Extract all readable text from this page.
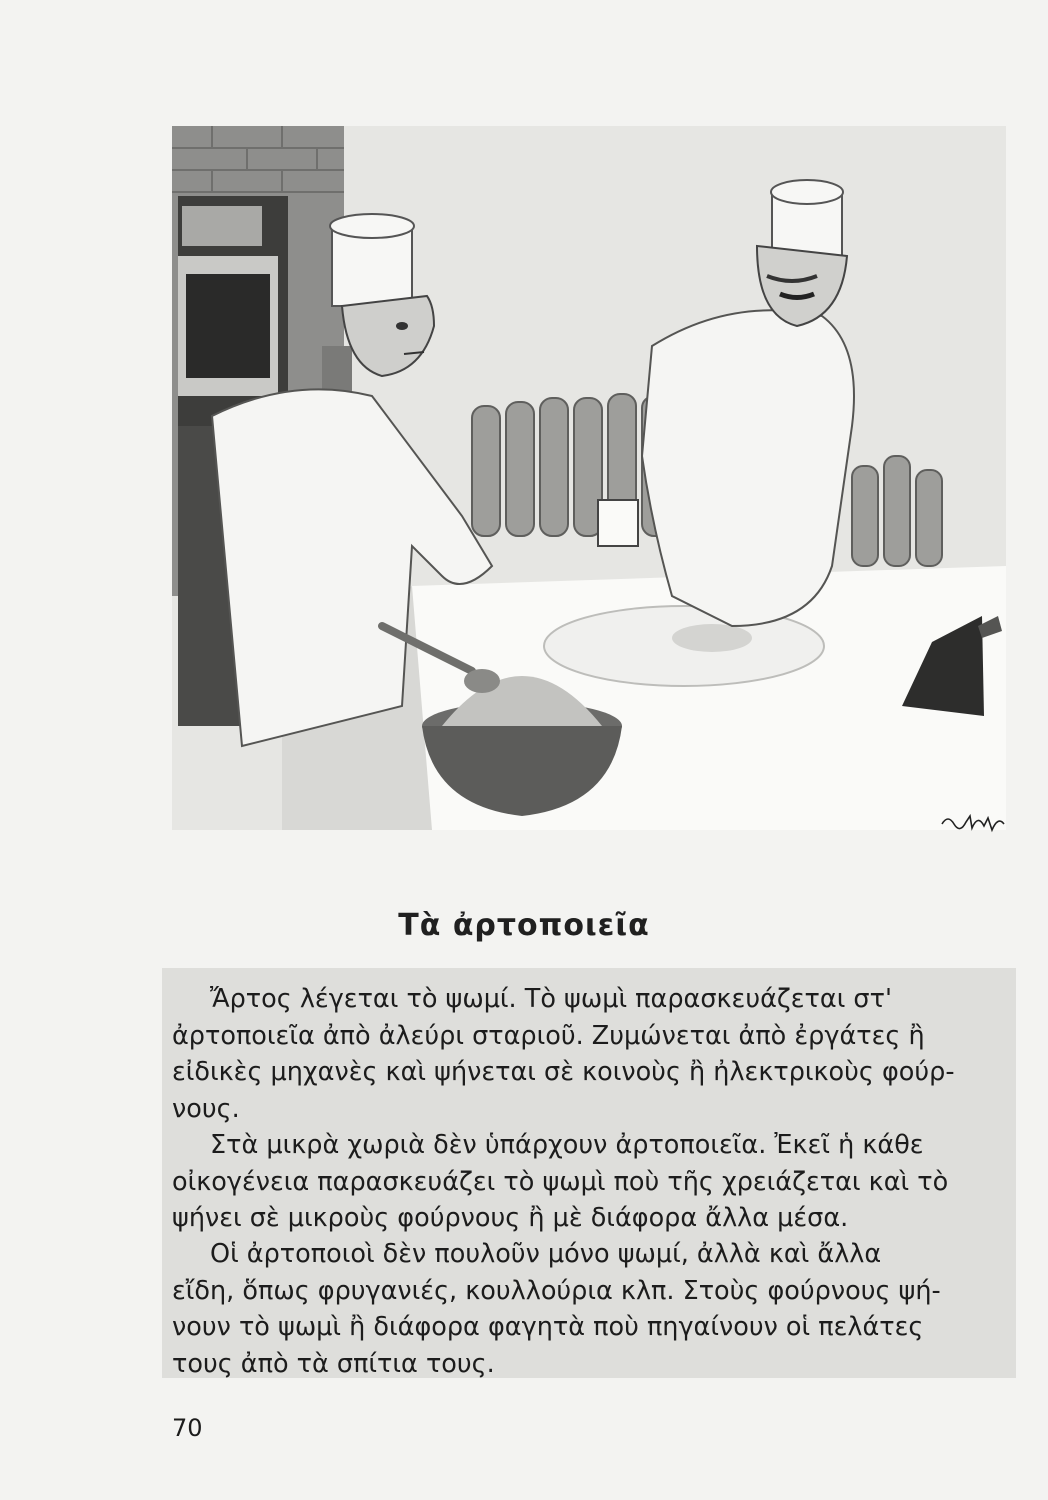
Τὰ ἀρτοποιεῖα

Ἄρτος λέγεται τὸ ψωμί. Τὸ ψωμὶ παρασκευάζεται στ'
ἀρτοποιεῖα ἀπὸ ἀλεύρι σταριοῦ. Ζυμώνεται ἀπὸ ἐργάτες ἢ
εἰδικὲς μηχανὲς καὶ ψήνεται σὲ κοινοὺς ἢ ἠλεκτρικοὺς φούρ-
νους.

Στὰ μικρὰ χωριὰ δὲν ὑπάρχουν ἀρτοποιεῖα. Ἐκεῖ ἡ κάθε
οἰκογένεια παρασκευάζει τὸ ψωμὶ ποὺ τῆς χρειάζεται καὶ τὸ
ψήνει σὲ μικροὺς φούρνους ἢ μὲ διάφορα ἄλλα μέσα.

Οἱ ἀρτοποιοὶ δὲν πουλοῦν μόνο ψωμί, ἀλλὰ καὶ ἄλλα
εἴδη, ὅπως φρυγανιές, κουλλούρια κλπ. Στοὺς φούρνους ψή-
νουν τὸ ψωμὶ ἢ διάφορα φαγητὰ ποὺ πηγαίνουν οἱ πελάτες
τους ἀπὸ τὰ σπίτια τους.

70
